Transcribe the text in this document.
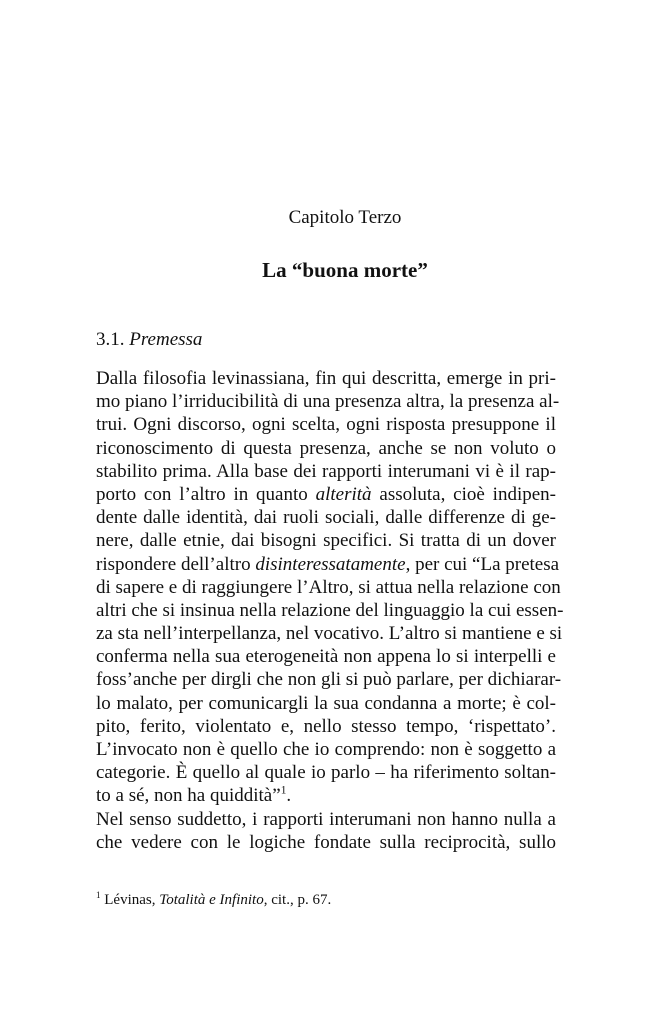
Capitolo Terzo
La “buona morte”
3.1. Premessa
Dalla filosofia levinassiana, fin qui descritta, emerge in pri-
mo piano l’irriducibilità di una presenza altra, la presenza al-
trui. Ogni discorso, ogni scelta, ogni risposta presuppone il
riconoscimento di questa presenza, anche se non voluto o
stabilito prima. Alla base dei rapporti interumani vi è il rap-
porto con l’altro in quanto alterità assoluta, cioè indipen-
dente dalle identità, dai ruoli sociali, dalle differenze di ge-
nere, dalle etnie, dai bisogni specifici. Si tratta di un dover
rispondere dell’altro disinteressatamente, per cui “La pretesa
di sapere e di raggiungere l’Altro, si attua nella relazione con
altri che si insinua nella relazione del linguaggio la cui essen-
za sta nell’interpellanza, nel vocativo. L’altro si mantiene e si
conferma nella sua eterogeneità non appena lo si interpelli e
foss’anche per dirgli che non gli si può parlare, per dichiarar-
lo malato, per comunicargli la sua condanna a morte; è col-
pito, ferito, violentato e, nello stesso tempo, ‘rispettato’.
L’invocato non è quello che io comprendo: non è soggetto a
categorie. È quello al quale io parlo – ha riferimento soltan-
to a sé, non ha quiddità”$^1$.
Nel senso suddetto, i rapporti interumani non hanno nulla a
che vedere con le logiche fondate sulla reciprocità, sullo
$^1$ Lévinas, Totalità e Infinito, cit., p. 67.
